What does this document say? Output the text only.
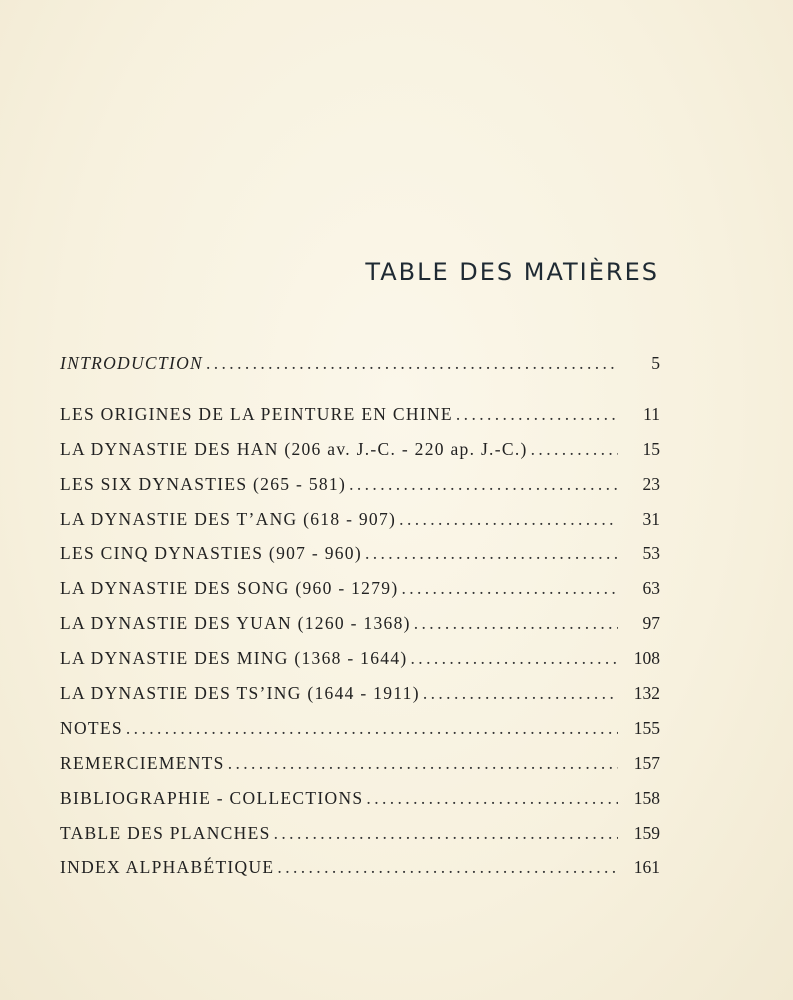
TABLE DES MATIÈRES
INTRODUCTION .....	5
LES ORIGINES DE LA PEINTURE EN CHINE .....	11
LA DYNASTIE DES HAN (206 av. J.-C. - 220 ap. J.-C.) .....	15
LES SIX DYNASTIES (265 - 581) .....	23
LA DYNASTIE DES T’ANG (618 - 907) .....	31
LES CINQ DYNASTIES (907 - 960) .....	53
LA DYNASTIE DES SONG (960 - 1279) .....	63
LA DYNASTIE DES YUAN (1260 - 1368) .....	97
LA DYNASTIE DES MING (1368 - 1644) .....	108
LA DYNASTIE DES TS’ING (1644 - 1911) .....	132
NOTES .....	155
REMERCIEMENTS .....	157
BIBLIOGRAPHIE - COLLECTIONS .....	158
TABLE DES PLANCHES .....	159
INDEX ALPHABÉTIQUE .....	161
